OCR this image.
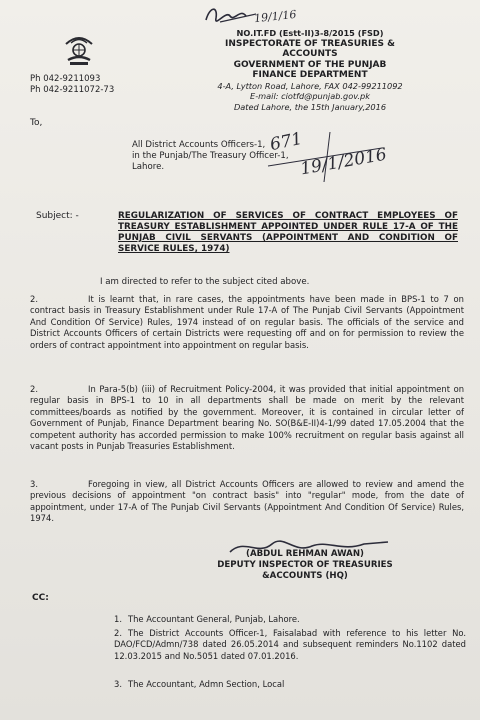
NO.IT.FD (Estt-II)3-8/2015 (FSD)
INSPECTORATE OF TREASURIES & ACCOUNTS
GOVERNMENT OF THE PUNJAB
FINANCE DEPARTMENT
4-A, Lytton Road, Lahore, FAX 042-99211092
E-mail: ciotfd@punjab.gov.pk
Dated Lahore, the 15th January,2016
Ph 042-9211093
Ph 042-9211072-73
19/1/16
To,
All District Accounts Officers-1,
in the Punjab/The Treasury Officer-1,
Lahore.
671
19/1/2016
Subject: -	REGULARIZATION OF SERVICES OF CONTRACT EMPLOYEES OF TREASURY ESTABLISHMENT APPOINTED UNDER RULE 17-A OF THE PUNJAB CIVIL SERVANTS (APPOINTMENT AND CONDITION OF SERVICE RULES, 1974)
I am directed to refer to the subject cited above.
2.	It is learnt that, in rare cases, the appointments have been made in BPS-1 to 7 on contract basis in Treasury Establishment under Rule 17-A of The Punjab Civil Servants (Appointment And Condition Of Service) Rules, 1974 instead of on regular basis. The officials of the service and District Accounts Officers of certain Districts were requesting off and on for permission to review the orders of contract appointment into appointment on regular basis.
2.	In Para-5(b) (iii) of Recruitment Policy-2004, it was provided that initial appointment on regular basis in BPS-1 to 10 in all departments shall be made on merit by the relevant committees/boards as notified by the government. Moreover, it is contained in circular letter of Government of Punjab, Finance Department bearing No. SO(B&E-II)4-1/99 dated 17.05.2004 that the competent authority has accorded permission to make 100% recruitment on regular basis against all vacant posts in Punjab Treasuries Establishment.
3.	Foregoing in view, all District Accounts Officers are allowed to review and amend the previous decisions of appointment "on contract basis" into "regular" mode, from the date of appointment, under 17-A of The Punjab Civil Servants (Appointment And Condition Of Service) Rules, 1974.
(ABDUL REHMAN AWAN)
DEPUTY INSPECTOR OF TREASURIES
&ACCOUNTS (HQ)
CC:
1. The Accountant General, Punjab, Lahore.
2. The District Accounts Officer-1, Faisalabad with reference to his letter No. DAO/FCD/Admn/738 dated 26.05.2014 and subsequent reminders No.1102 dated 12.03.2015 and No.5051 dated 07.01.2016.
3. The Accountant, Admn Section, Local
